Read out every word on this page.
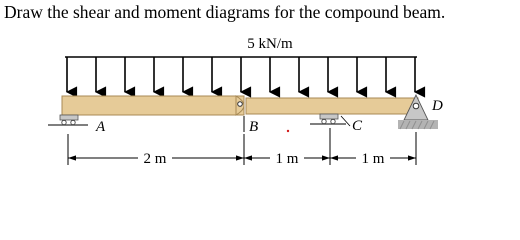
Draw the shear and moment diagrams for the compound beam.
5 kN/m
A	B	C
D
2 m	1 m	1 m
